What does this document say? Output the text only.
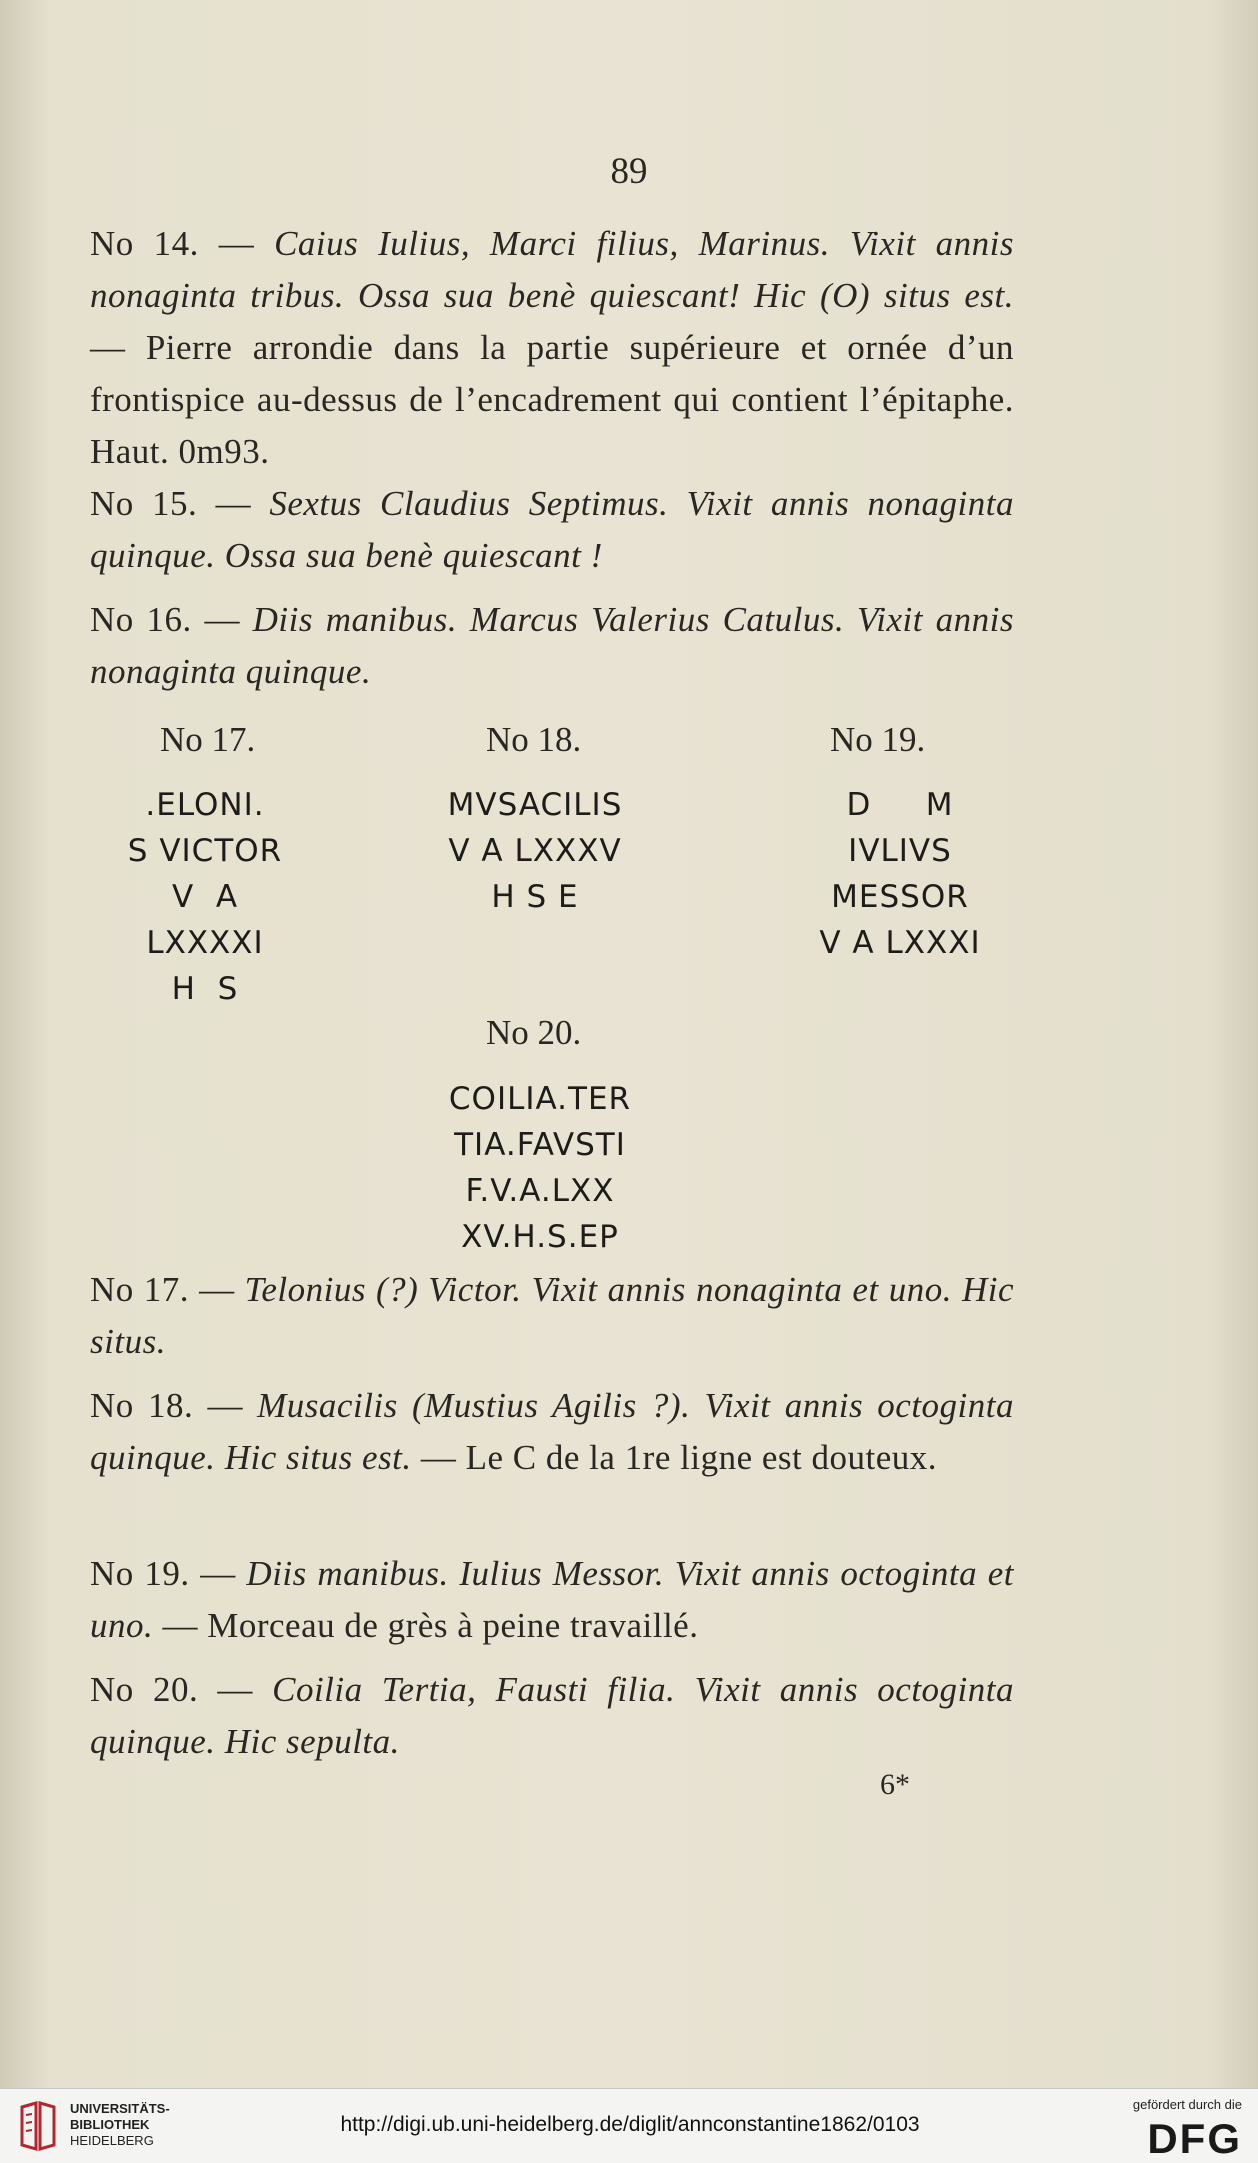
89
No 14. — Caius Iulius, Marci filius, Marinus. Vixit annis nonaginta tribus. Ossa sua benè quiescant! Hic (O) situs est. — Pierre arrondie dans la partie supérieure et ornée d’un frontispice au-dessus de l’encadrement qui contient l’épitaphe. Haut. 0m93.
No 15. — Sextus Claudius Septimus. Vixit annis nonaginta quinque. Ossa sua benè quiescant !
No 16. — Diis manibus. Marcus Valerius Catulus. Vixit annis nonaginta quinque.
No 17.	No 18.	No 19.
.ELONI.
S VICTOR
V  A
LXXXXI
H  S
MVSACILIS
V A LXXXV
H S E
D     M
IVLIVS
MESSOR
V A LXXXI
No 20.
COILIA.TER
TIA.FAVSTI
F.V.A.LXX
XV.H.S.EP
No 17. — Telonius (?) Victor. Vixit annis nonaginta et uno. Hic situs.
No 18. — Musacilis (Mustius Agilis ?). Vixit annis octoginta quinque. Hic situs est. — Le C de la 1re ligne est douteux.
No 19. — Diis manibus. Iulius Messor. Vixit annis octoginta et uno. — Morceau de grès à peine travaillé.
No 20. — Coilia Tertia, Fausti filia. Vixit annis octoginta quinque. Hic sepulta.
6*
UNIVERSITÄTS-
BIBLIOTHEK
HEIDELBERG
http://digi.ub.uni-heidelberg.de/diglit/annconstantine1862/0103
gefördert durch die
DFG
